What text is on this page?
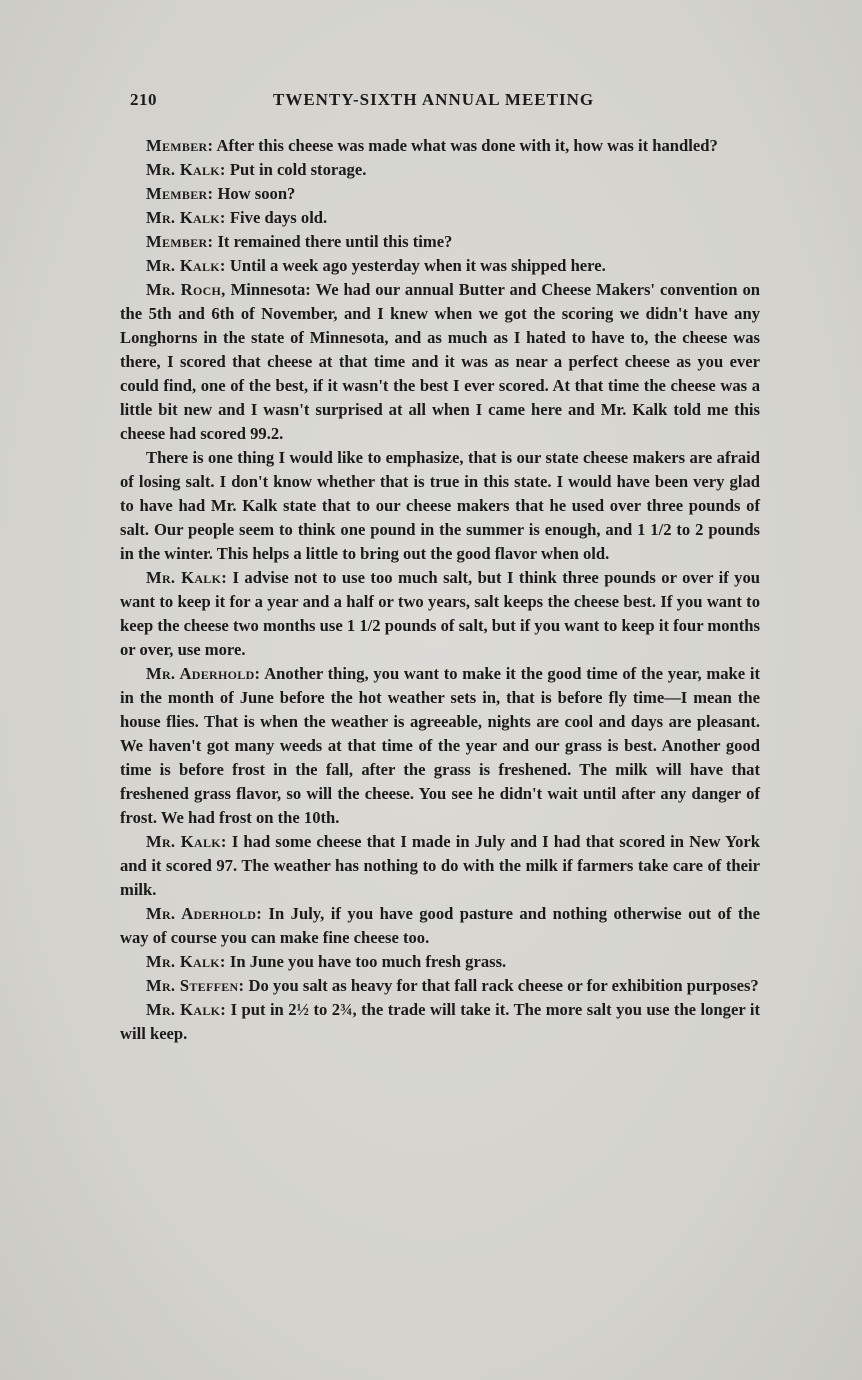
210	TWENTY-SIXTH ANNUAL MEETING

Member: After this cheese was made what was done with it, how was it handled?

Mr. Kalk: Put in cold storage.

Member: How soon?

Mr. Kalk: Five days old.

Member: It remained there until this time?

Mr. Kalk: Until a week ago yesterday when it was shipped here.

Mr. Roch, Minnesota: We had our annual Butter and Cheese Makers' convention on the 5th and 6th of November, and I knew when we got the scoring we didn't have any Longhorns in the state of Minnesota, and as much as I hated to have to, the cheese was there, I scored that cheese at that time and it was as near a perfect cheese as you ever could find, one of the best, if it wasn't the best I ever scored. At that time the cheese was a little bit new and I wasn't surprised at all when I came here and Mr. Kalk told me this cheese had scored 99.2.

There is one thing I would like to emphasize, that is our state cheese makers are afraid of losing salt. I don't know whether that is true in this state. I would have been very glad to have had Mr. Kalk state that to our cheese makers that he used over three pounds of salt. Our people seem to think one pound in the summer is enough, and 1 1/2 to 2 pounds in the winter. This helps a little to bring out the good flavor when old.

Mr. Kalk: I advise not to use too much salt, but I think three pounds or over if you want to keep it for a year and a half or two years, salt keeps the cheese best. If you want to keep the cheese two months use 1 1/2 pounds of salt, but if you want to keep it four months or over, use more.

Mr. Aderhold: Another thing, you want to make it the good time of the year, make it in the month of June before the hot weather sets in, that is before fly time—I mean the house flies. That is when the weather is agreeable, nights are cool and days are pleasant. We haven't got many weeds at that time of the year and our grass is best. Another good time is before frost in the fall, after the grass is freshened. The milk will have that freshened grass flavor, so will the cheese. You see he didn't wait until after any danger of frost. We had frost on the 10th.

Mr. Kalk: I had some cheese that I made in July and I had that scored in New York and it scored 97. The weather has nothing to do with the milk if farmers take care of their milk.

Mr. Aderhold: In July, if you have good pasture and nothing otherwise out of the way of course you can make fine cheese too.

Mr. Kalk: In June you have too much fresh grass.

Mr. Steffen: Do you salt as heavy for that fall rack cheese or for exhibition purposes?

Mr. Kalk: I put in 2½ to 2¾, the trade will take it. The more salt you use the longer it will keep.
